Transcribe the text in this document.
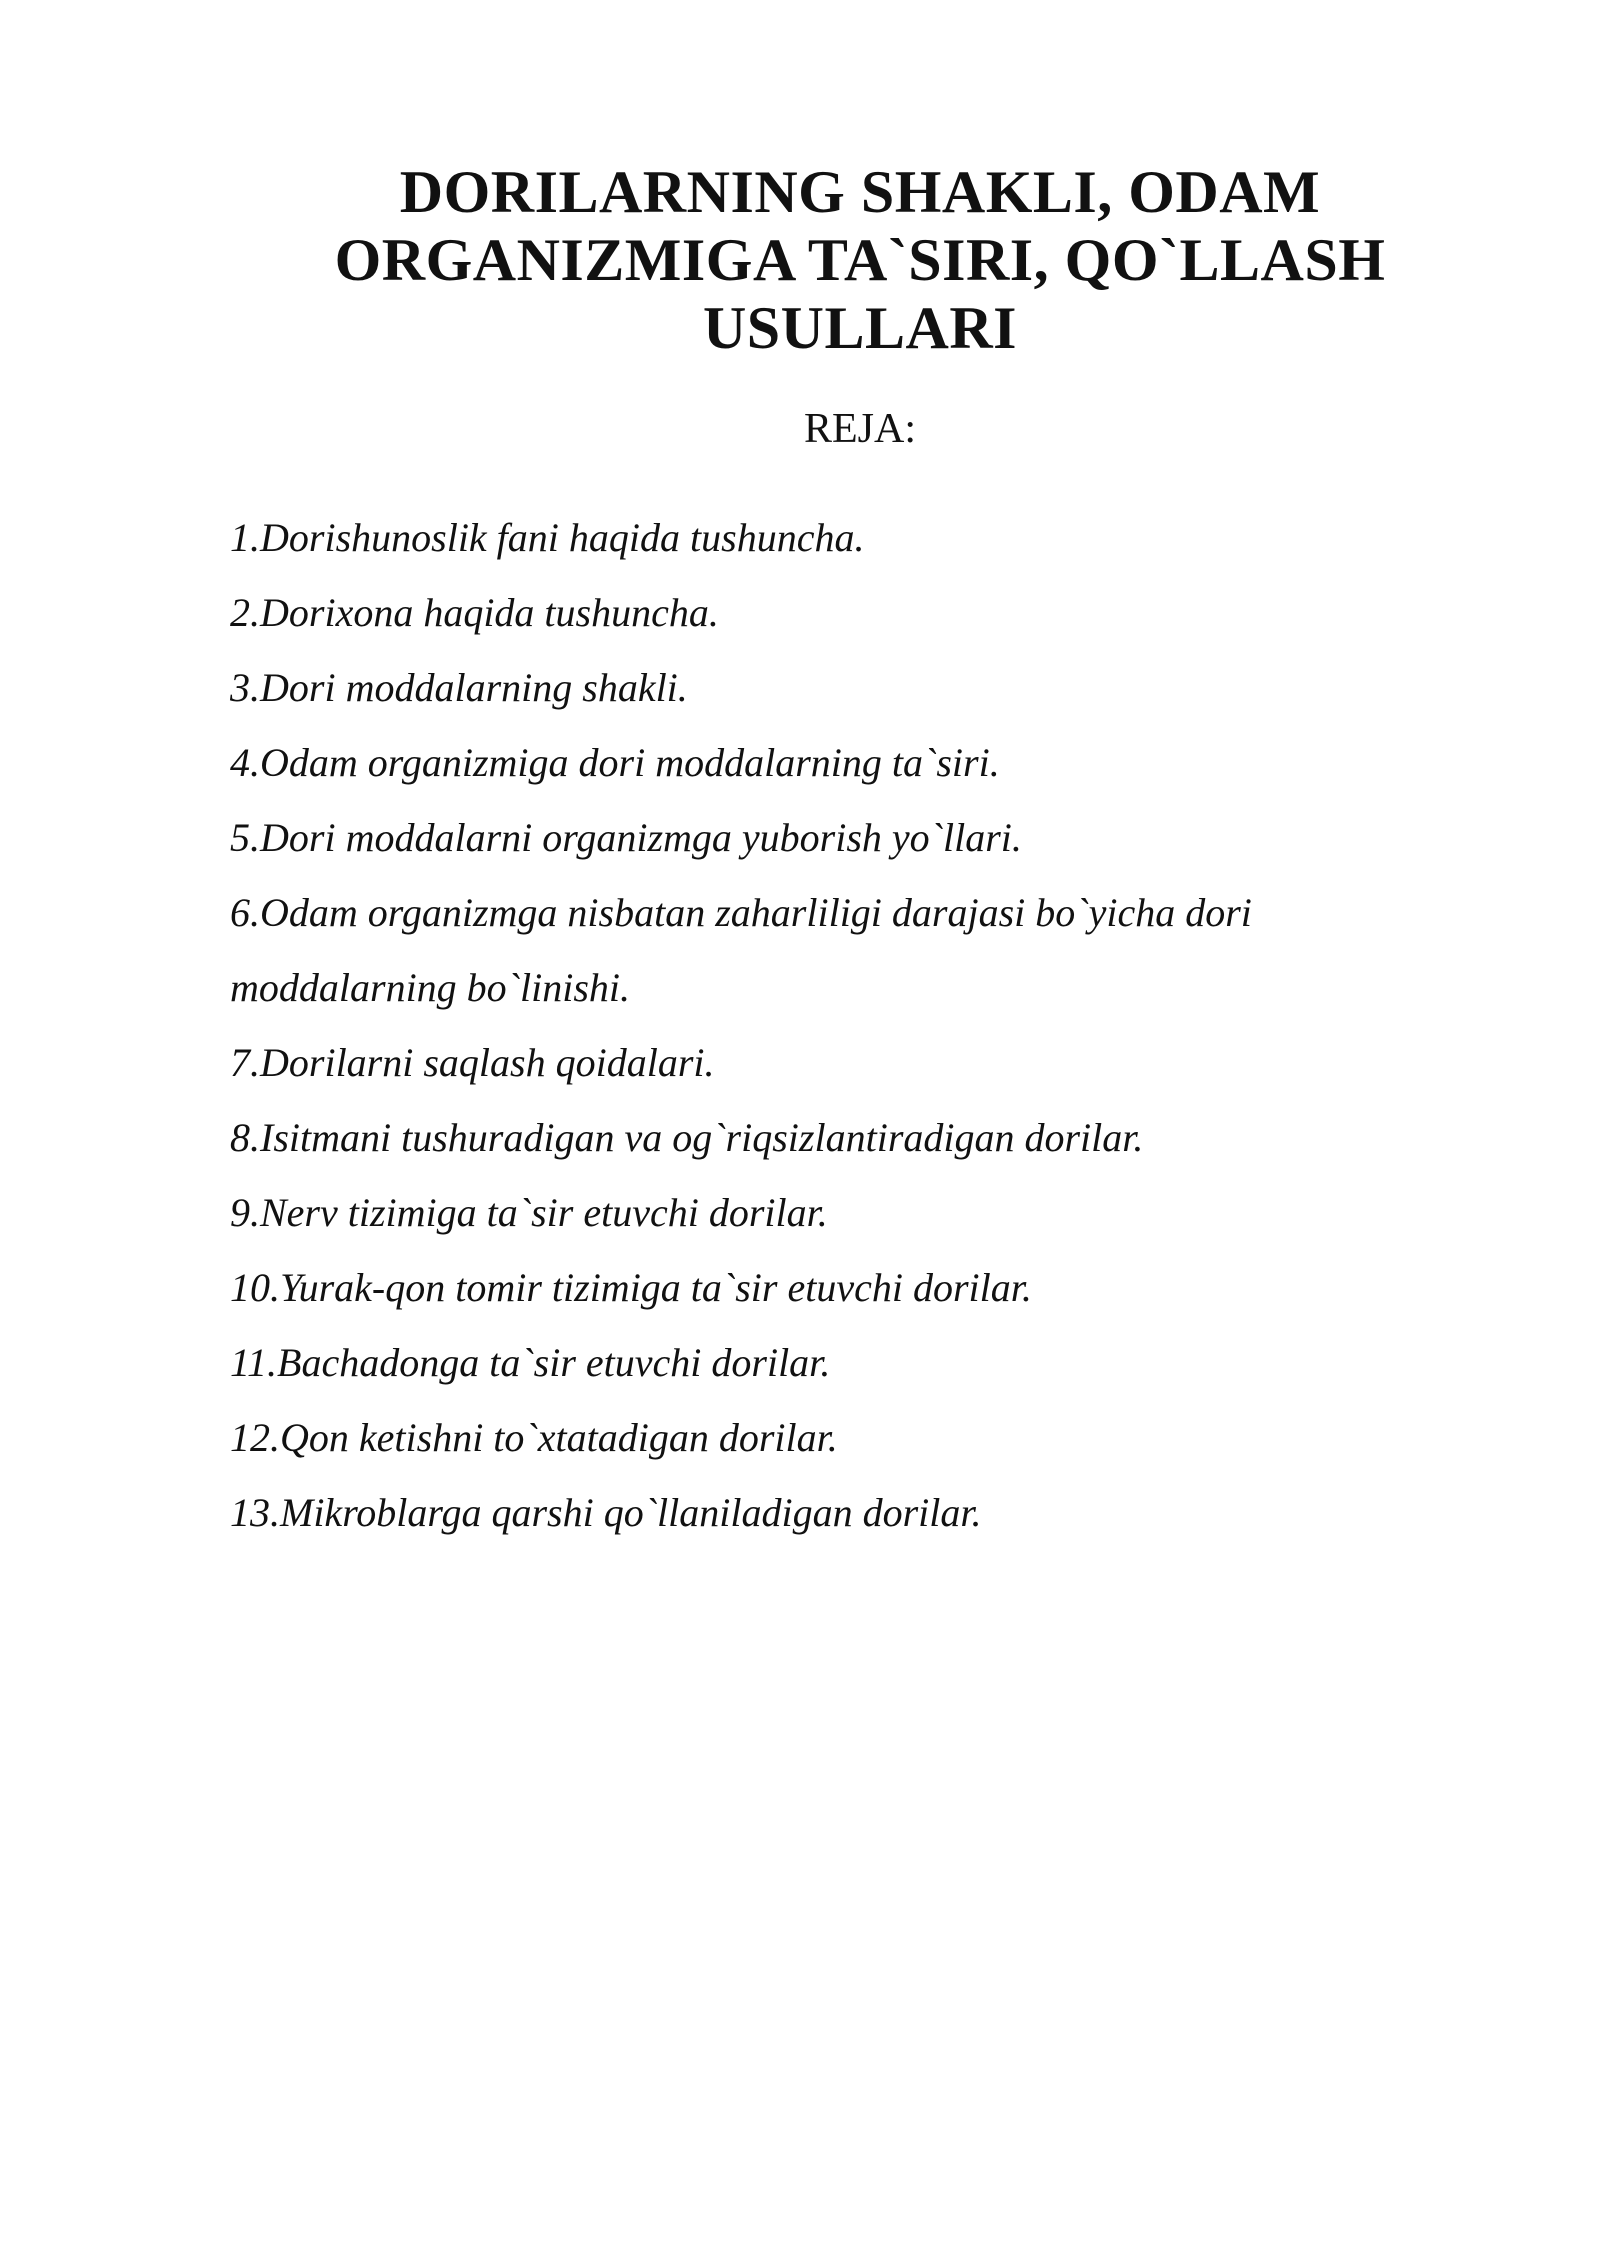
DORILARNING SHAKLI, ODAM
ORGANIZMIGA TA`SIRI, QO`LLASH
USULLARI

REJA:

1.Dorishunoslik fani haqida tushuncha.
2.Dorixona haqida tushuncha.
3.Dori moddalarning shakli.
4.Odam organizmiga dori moddalarning ta`siri.
5.Dori moddalarni organizmga yuborish yo`llari.
6.Odam organizmga nisbatan zaharliligi darajasi bo`yicha dori
moddalarning bo`linishi.
7.Dorilarni saqlash qoidalari.
8.Isitmani tushuradigan va og`riqsizlantiradigan dorilar.
9.Nerv tizimiga ta`sir etuvchi dorilar.
10.Yurak-qon tomir tizimiga ta`sir etuvchi dorilar.
11.Bachadonga ta`sir etuvchi dorilar.
12.Qon ketishni to`xtatadigan dorilar.
13.Mikroblarga qarshi qo`llaniladigan dorilar.
